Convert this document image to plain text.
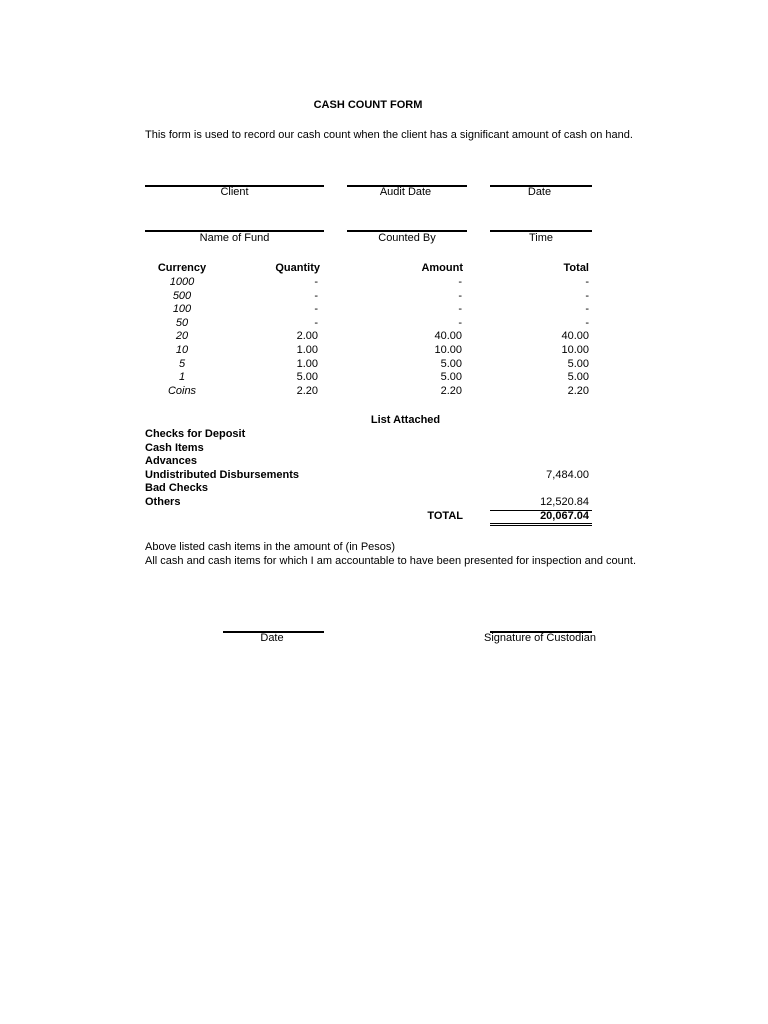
CASH COUNT FORM
This form is used to record our cash count when the client has a significant amount of cash on hand.
Client	Audit Date	Date
Name of Fund	Counted By	Time
Currency	Quantity	Amount	Total
1000	-	-	-
500	-	-	-
100	-	-	-
50	-	-	-
20	2.00	40.00	40.00
10	1.00	10.00	10.00
5	1.00	5.00	5.00
1	5.00	5.00	5.00
Coins	2.20	2.20	2.20
List Attached
Checks for Deposit
Cash Items
Advances
Undistributed Disbursements	7,484.00
Bad Checks
Others	12,520.84
TOTAL	20,067.04
Above listed cash items in the amount of (in Pesos)
All cash and cash items for which I am accountable to have been presented for inspection and count.
Date	Signature of Custodian
